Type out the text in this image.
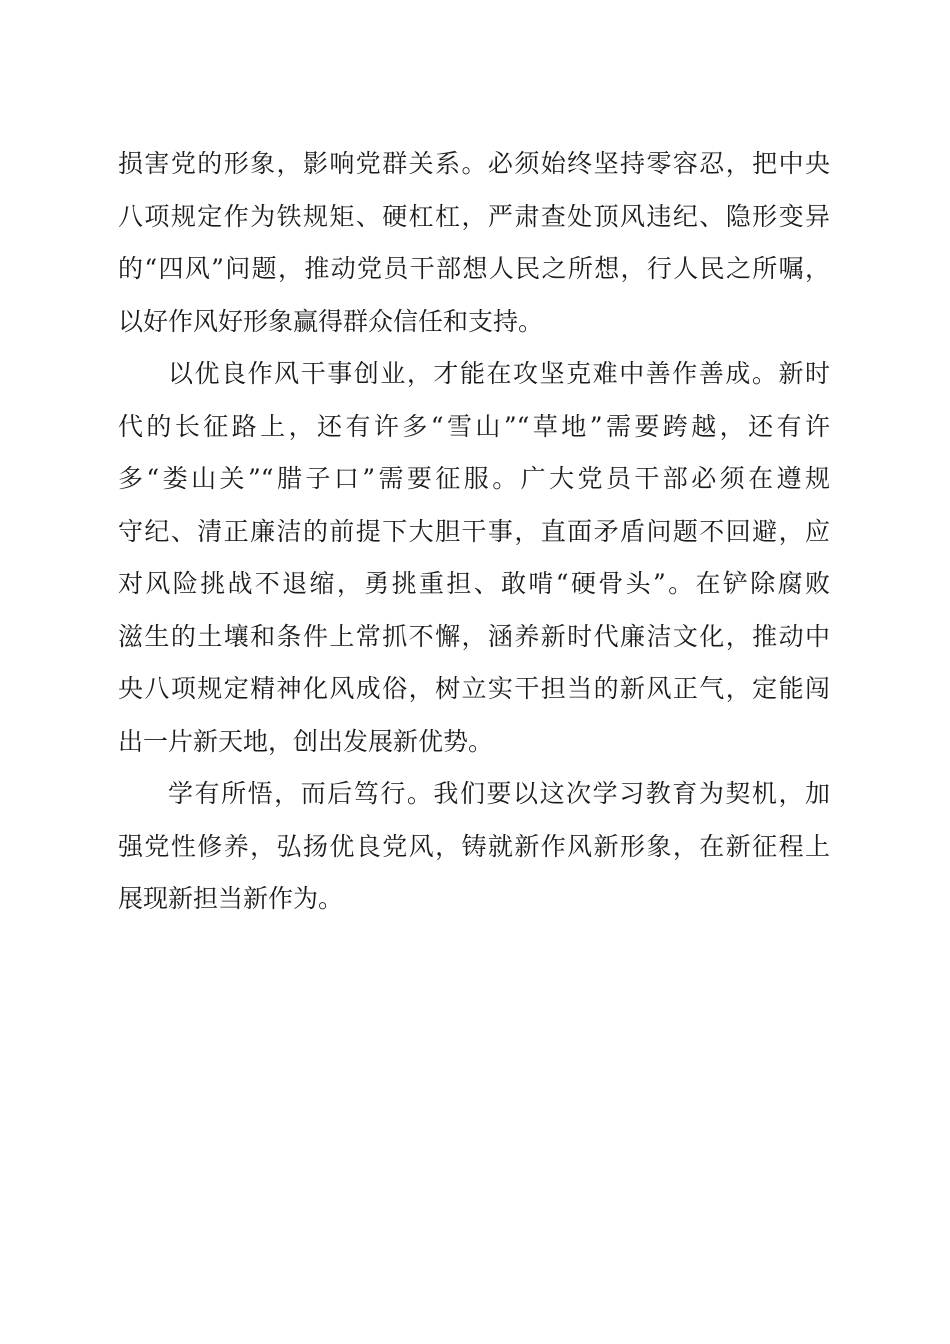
损害党的形象，影响党群关系。必须始终坚持零容忍，把中央
八项规定作为铁规矩、硬杠杠，严肃查处顶风违纪、隐形变异
的“四风”问题，推动党员干部想人民之所想，行人民之所嘱，
以好作风好形象赢得群众信任和支持。
以优良作风干事创业，才能在攻坚克难中善作善成。新时
代的长征路上，还有许多“雪山”“草地”需要跨越，还有许
多“娄山关”“腊子口”需要征服。广大党员干部必须在遵规
守纪、清正廉洁的前提下大胆干事，直面矛盾问题不回避，应
对风险挑战不退缩，勇挑重担、敢啃“硬骨头”。在铲除腐败
滋生的土壤和条件上常抓不懈，涵养新时代廉洁文化，推动中
央八项规定精神化风成俗，树立实干担当的新风正气，定能闯
出一片新天地，创出发展新优势。
学有所悟，而后笃行。我们要以这次学习教育为契机，加
强党性修养，弘扬优良党风，铸就新作风新形象，在新征程上
展现新担当新作为。
